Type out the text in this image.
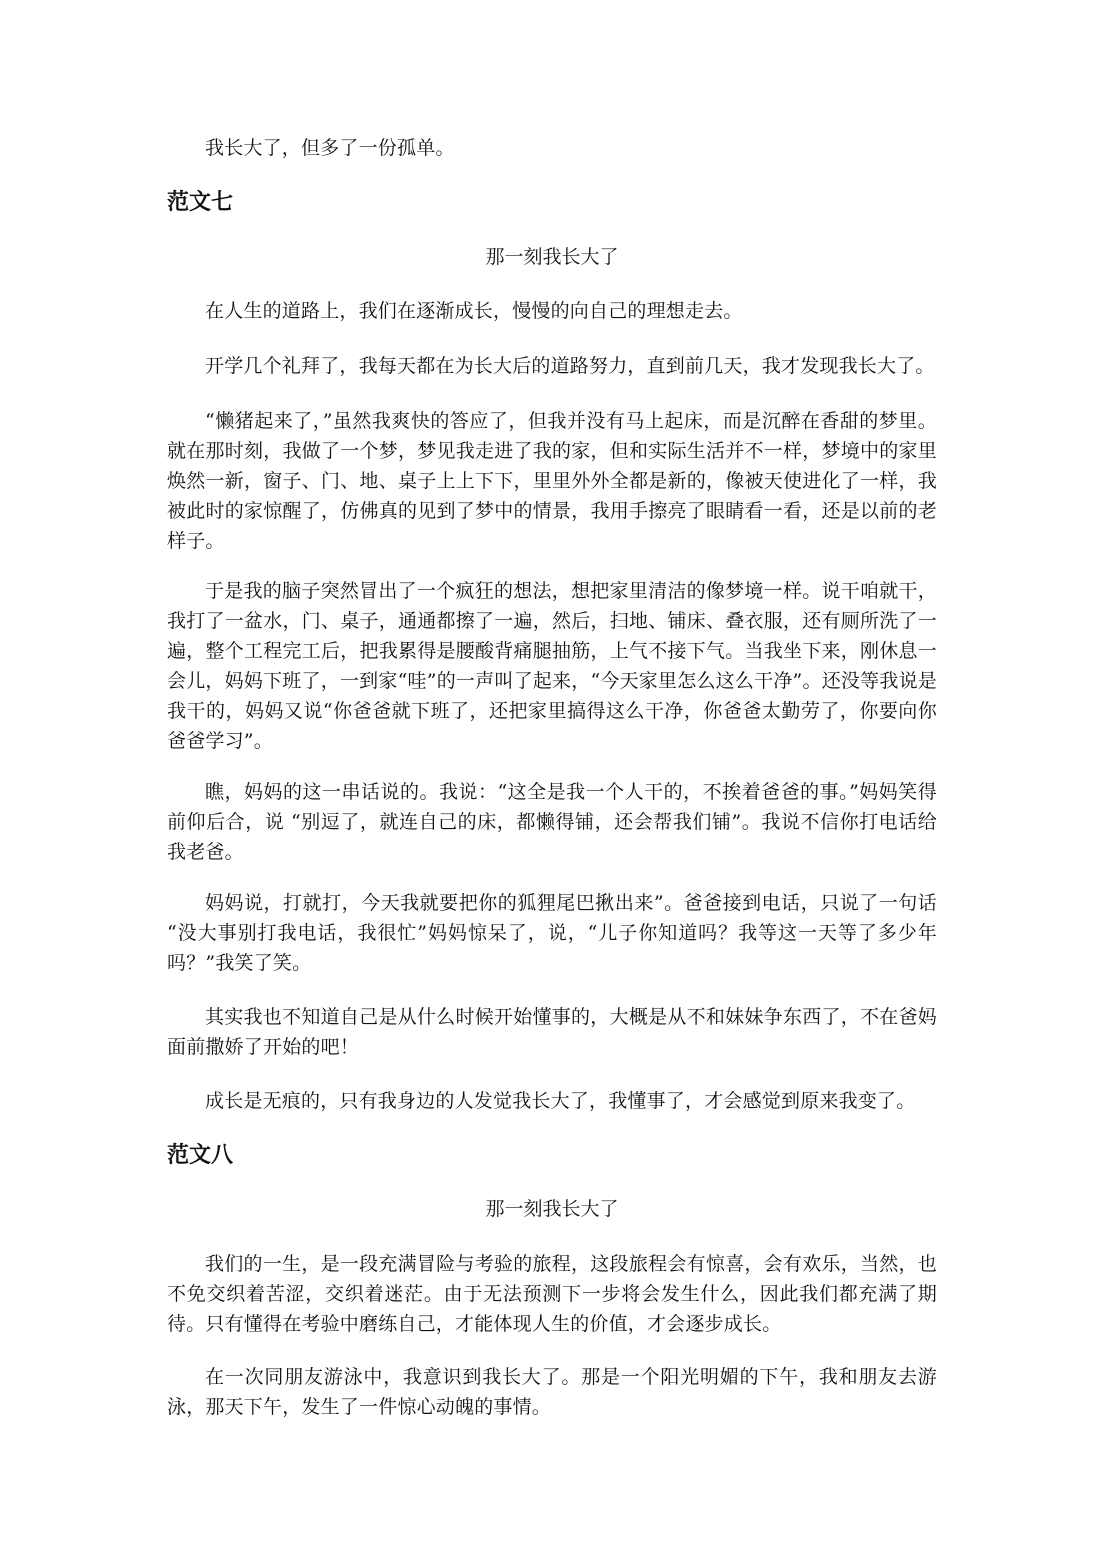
我长大了，但多了一份孤单。

范文七

那一刻我长大了

在人生的道路上，我们在逐渐成长，慢慢的向自己的理想走去。

开学几个礼拜了，我每天都在为长大后的道路努力，直到前几天，我才发现我长大了。

“懒猪起来了，”虽然我爽快的答应了，但我并没有马上起床，而是沉醉在香甜的梦里。就在那时刻，我做了一个梦，梦见我走进了我的家，但和实际生活并不一样，梦境中的家里焕然一新，窗子、门、地、桌子上上下下，里里外外全都是新的，像被天使进化了一样，我被此时的家惊醒了，仿佛真的见到了梦中的情景，我用手擦亮了眼睛看一看，还是以前的老样子。

于是我的脑子突然冒出了一个疯狂的想法，想把家里清洁的像梦境一样。说干咱就干，我打了一盆水，门、桌子，通通都擦了一遍，然后，扫地、铺床、叠衣服，还有厕所洗了一遍，整个工程完工后，把我累得是腰酸背痛腿抽筋，上气不接下气。当我坐下来，刚休息一会儿，妈妈下班了，一到家“哇”的一声叫了起来，“今天家里怎么这么干净”。还没等我说是我干的，妈妈又说“你爸爸就下班了，还把家里搞得这么干净，你爸爸太勤劳了，你要向你爸爸学习”。

瞧，妈妈的这一串话说的。我说：“这全是我一个人干的，不挨着爸爸的事。”妈妈笑得前仰后合，说 “别逗了，就连自己的床，都懒得铺，还会帮我们铺”。我说不信你打电话给我老爸。

妈妈说，打就打，今天我就要把你的狐狸尾巴揪出来”。爸爸接到电话，只说了一句话 “没大事别打我电话，我很忙”妈妈惊呆了，说，“儿子你知道吗？我等这一天等了多少年吗？”我笑了笑。

其实我也不知道自己是从什么时候开始懂事的，大概是从不和妹妹争东西了，不在爸妈面前撒娇了开始的吧！

成长是无痕的，只有我身边的人发觉我长大了，我懂事了，才会感觉到原来我变了。

范文八

那一刻我长大了

我们的一生，是一段充满冒险与考验的旅程，这段旅程会有惊喜，会有欢乐，当然，也不免交织着苦涩，交织着迷茫。由于无法预测下一步将会发生什么，因此我们都充满了期待。只有懂得在考验中磨练自己，才能体现人生的价值，才会逐步成长。

在一次同朋友游泳中，我意识到我长大了。那是一个阳光明媚的下午，我和朋友去游泳，那天下午，发生了一件惊心动魄的事情。
